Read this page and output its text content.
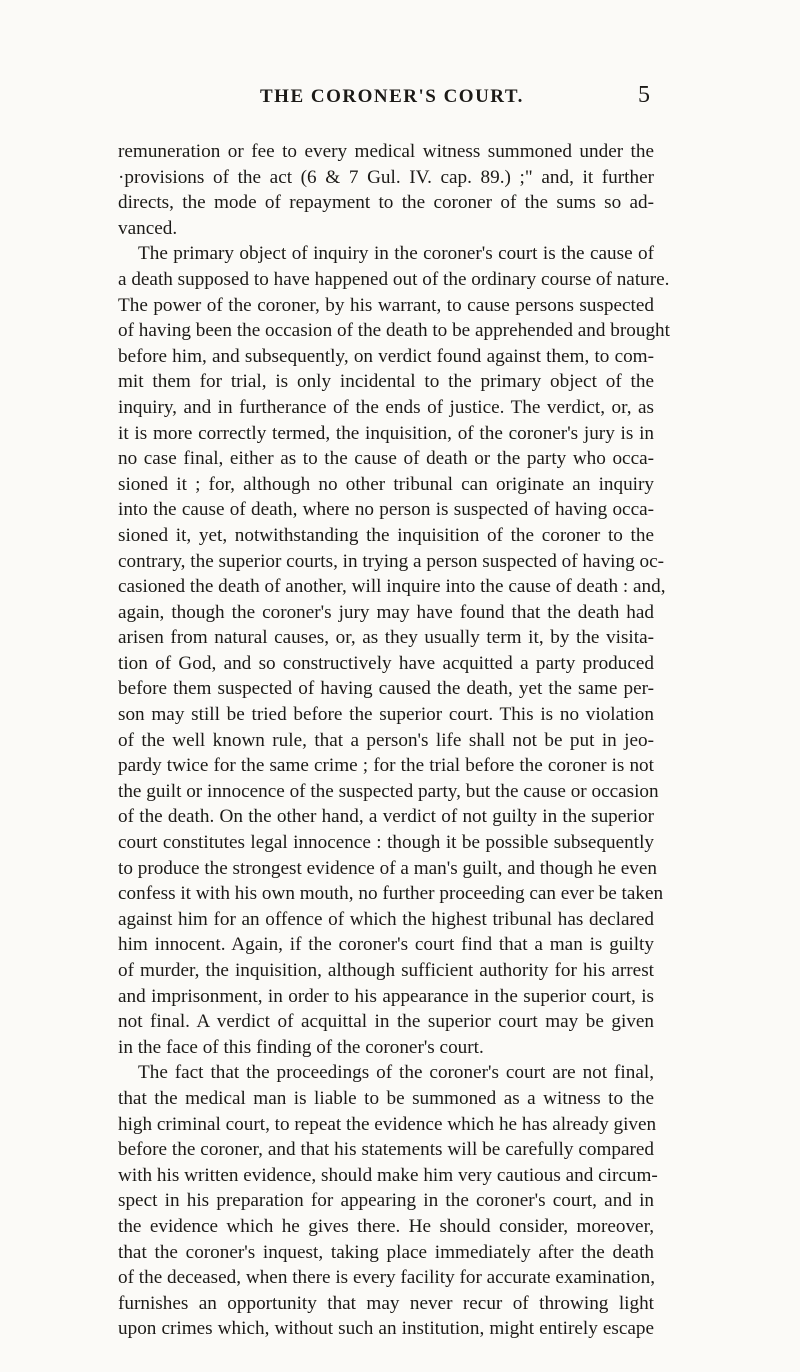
THE CORONER'S COURT.	5
remuneration or fee to every medical witness summoned under the
·provisions of the act (6 & 7 Gul. IV. cap. 89.) ;" and, it further
directs, the mode of repayment to the coroner of the sums so ad-
vanced.
The primary object of inquiry in the coroner's court is the cause of
a death supposed to have happened out of the ordinary course of nature.
The power of the coroner, by his warrant, to cause persons suspected
of having been the occasion of the death to be apprehended and brought
before him, and subsequently, on verdict found against them, to com-
mit them for trial, is only incidental to the primary object of the
inquiry, and in furtherance of the ends of justice. The verdict, or, as
it is more correctly termed, the inquisition, of the coroner's jury is in
no case final, either as to the cause of death or the party who occa-
sioned it ; for, although no other tribunal can originate an inquiry
into the cause of death, where no person is suspected of having occa-
sioned it, yet, notwithstanding the inquisition of the coroner to the
contrary, the superior courts, in trying a person suspected of having oc-
casioned the death of another, will inquire into the cause of death : and,
again, though the coroner's jury may have found that the death had
arisen from natural causes, or, as they usually term it, by the visita-
tion of God, and so constructively have acquitted a party produced
before them suspected of having caused the death, yet the same per-
son may still be tried before the superior court. This is no violation
of the well known rule, that a person's life shall not be put in jeo-
pardy twice for the same crime ; for the trial before the coroner is not
the guilt or innocence of the suspected party, but the cause or occasion
of the death. On the other hand, a verdict of not guilty in the superior
court constitutes legal innocence : though it be possible subsequently
to produce the strongest evidence of a man's guilt, and though he even
confess it with his own mouth, no further proceeding can ever be taken
against him for an offence of which the highest tribunal has declared
him innocent. Again, if the coroner's court find that a man is guilty
of murder, the inquisition, although sufficient authority for his arrest
and imprisonment, in order to his appearance in the superior court, is
not final. A verdict of acquittal in the superior court may be given
in the face of this finding of the coroner's court.
The fact that the proceedings of the coroner's court are not final,
that the medical man is liable to be summoned as a witness to the
high criminal court, to repeat the evidence which he has already given
before the coroner, and that his statements will be carefully compared
with his written evidence, should make him very cautious and circum-
spect in his preparation for appearing in the coroner's court, and in
the evidence which he gives there. He should consider, moreover,
that the coroner's inquest, taking place immediately after the death
of the deceased, when there is every facility for accurate examination,
furnishes an opportunity that may never recur of throwing light
upon crimes which, without such an institution, might entirely escape
